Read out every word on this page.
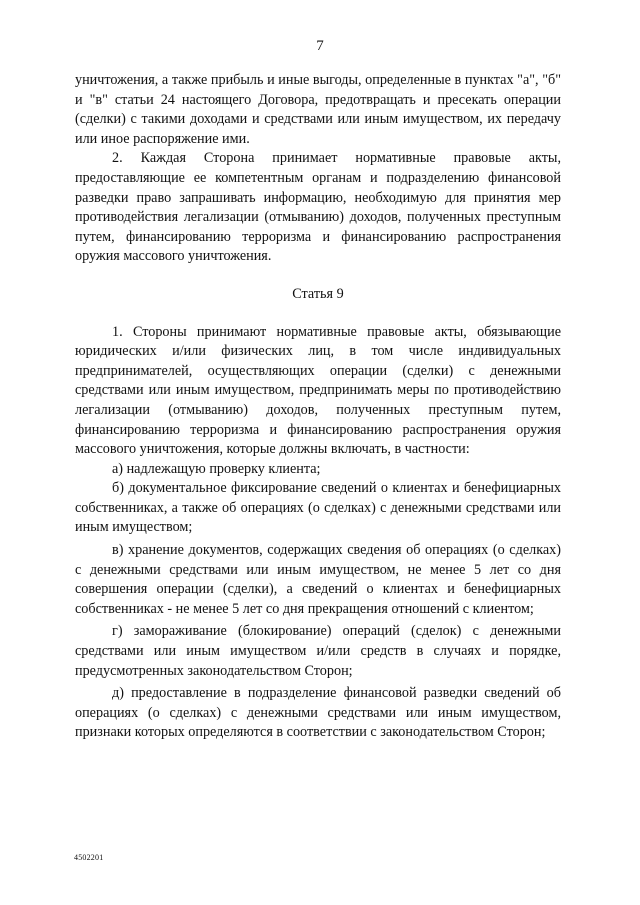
7

уничтожения, а также прибыль и иные выгоды, определенные в пунктах "а", "б" и "в" статьи 24 настоящего Договора, предотвращать и пресекать операции (сделки) с такими доходами и средствами или иным имуществом, их передачу или иное распоряжение ими.

2. Каждая Сторона принимает нормативные правовые акты, предоставляющие ее компетентным органам и подразделению финансовой разведки право запрашивать информацию, необходимую для принятия мер противодействия легализации (отмыванию) доходов, полученных преступным путем, финансированию терроризма и финансированию распространения оружия массового уничтожения.

Статья 9

1. Стороны принимают нормативные правовые акты, обязывающие юридических и/или физических лиц, в том числе индивидуальных предпринимателей, осуществляющих операции (сделки) с денежными средствами или иным имуществом, предпринимать меры по противодействию легализации (отмыванию) доходов, полученных преступным путем, финансированию терроризма и финансированию распространения оружия массового уничтожения, которые должны включать, в частности:

а) надлежащую проверку клиента;

б) документальное фиксирование сведений о клиентах и бенефициарных собственниках, а также об операциях (о сделках) с денежными средствами или иным имуществом;

в) хранение документов, содержащих сведения об операциях (о сделках) с денежными средствами или иным имуществом, не менее 5 лет со дня совершения операции (сделки), а сведений о клиентах и бенефициарных собственниках - не менее 5 лет со дня прекращения отношений с клиентом;

г) замораживание (блокирование) операций (сделок) с денежными средствами или иным имуществом и/или средств в случаях и порядке, предусмотренных законодательством Сторон;

д) предоставление в подразделение финансовой разведки сведений об операциях (о сделках) с денежными средствами или иным имуществом, признаки которых определяются в соответствии с законодательством Сторон;

4502201
